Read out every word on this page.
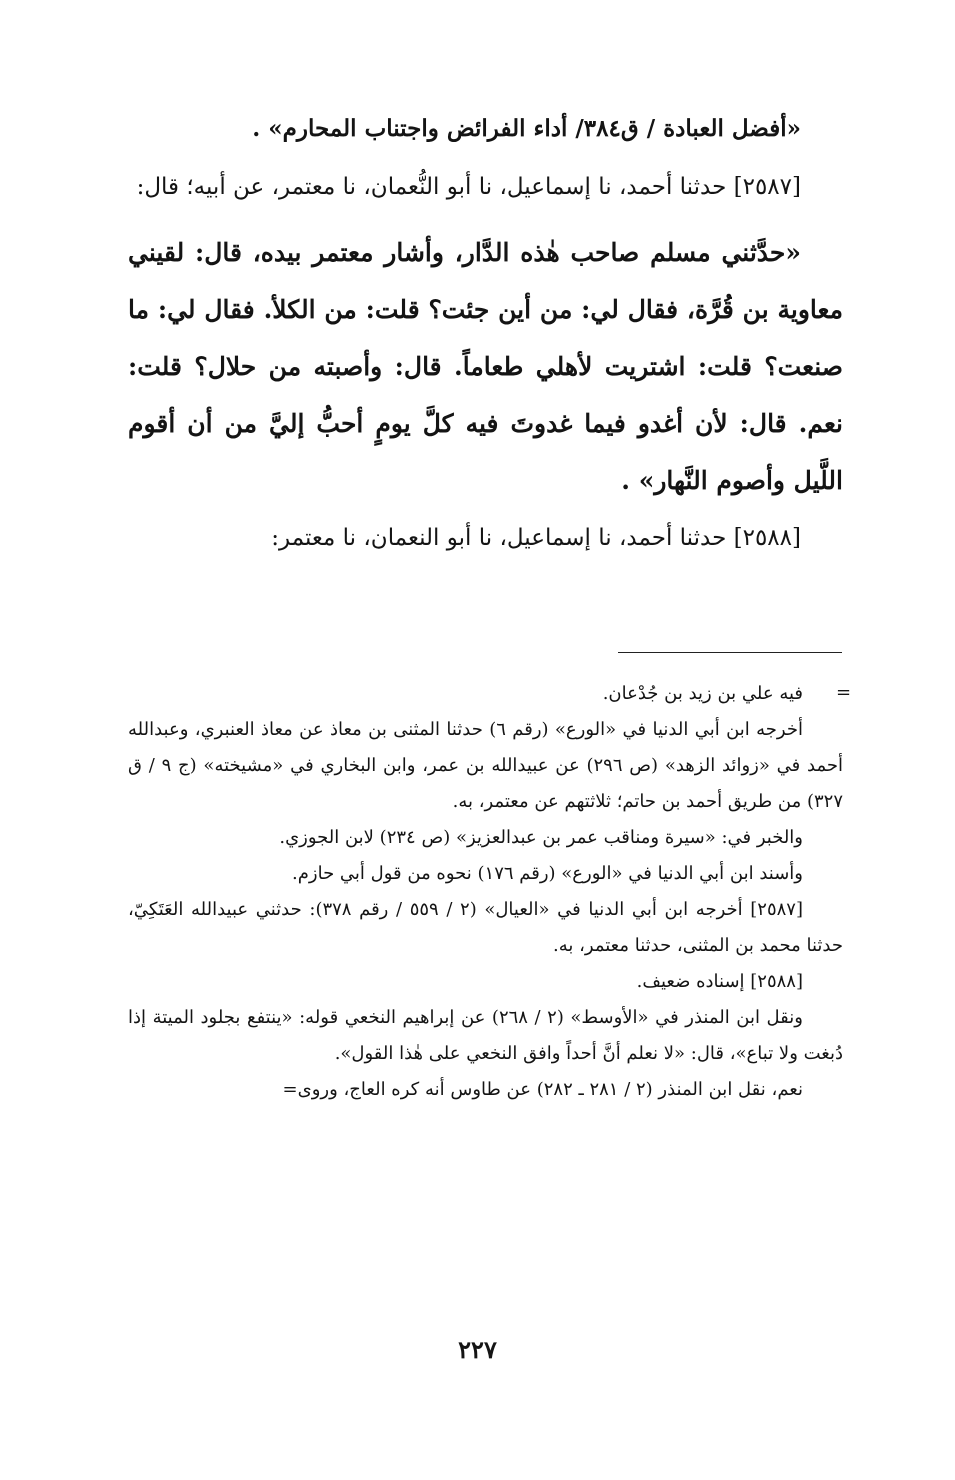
«أفضل العبادة / ق٣٨٤/ أداء الفرائض واجتناب المحارم» .

[٢٥٨٧] حدثنا أحمد، نا إسماعيل، نا أبو النُّعمان، نا معتمر، عن أبيه؛ قال:

«حدَّثني مسلم صاحب هٰذه الدَّار، وأشار معتمر بيده، قال: لقيني معاوية بن قُرَّة، فقال لي: من أين جئت؟ قلت: من الكلأ. فقال لي: ما صنعت؟ قلت: اشتريت لأهلي طعاماً. قال: وأصبته من حلال؟ قلت: نعم. قال: لأن أغدو فيما غدوتَ فيه كلَّ يومٍ أحبُّ إليَّ من أن أقوم اللَّيل وأصوم النَّهار» .

[٢٥٨٨] حدثنا أحمد، نا إسماعيل، نا أبو النعمان، نا معتمر:

=

فيه علي بن زيد بن جُدْعان.

أخرجه ابن أبي الدنيا في «الورع» (رقم ٦) حدثنا المثنى بن معاذ عن معاذ العنبري، وعبدالله أحمد في «زوائد الزهد» (ص ٢٩٦) عن عبيدالله بن عمر، وابن البخاري في «مشيخته» (ج ٩ / ق ٣٢٧) من طريق أحمد بن حاتم؛ ثلاثتهم عن معتمر، به.

والخبر في: «سيرة ومناقب عمر بن عبدالعزيز» (ص ٢٣٤) لابن الجوزي.

وأسند ابن أبي الدنيا في «الورع» (رقم ١٧٦) نحوه من قول أبي حازم.

[٢٥٨٧] أخرجه ابن أبي الدنيا في «العيال» (٢ / ٥٥٩ / رقم ٣٧٨): حدثني عبيدالله العَتَكِيّ، حدثنا محمد بن المثنى، حدثنا معتمر، به.

[٢٥٨٨] إسناده ضعيف.

ونقل ابن المنذر في «الأوسط» (٢ / ٢٦٨) عن إبراهيم النخعي قوله: «ينتفع بجلود الميتة إذا دُبغت ولا تباع»، قال: «لا نعلم أنَّ أحداً وافق النخعي على هٰذا القول».

نعم، نقل ابن المنذر (٢ / ٢٨١ ـ ٢٨٢) عن طاوس أنه كره العاج، وروى=

٢٢٧
